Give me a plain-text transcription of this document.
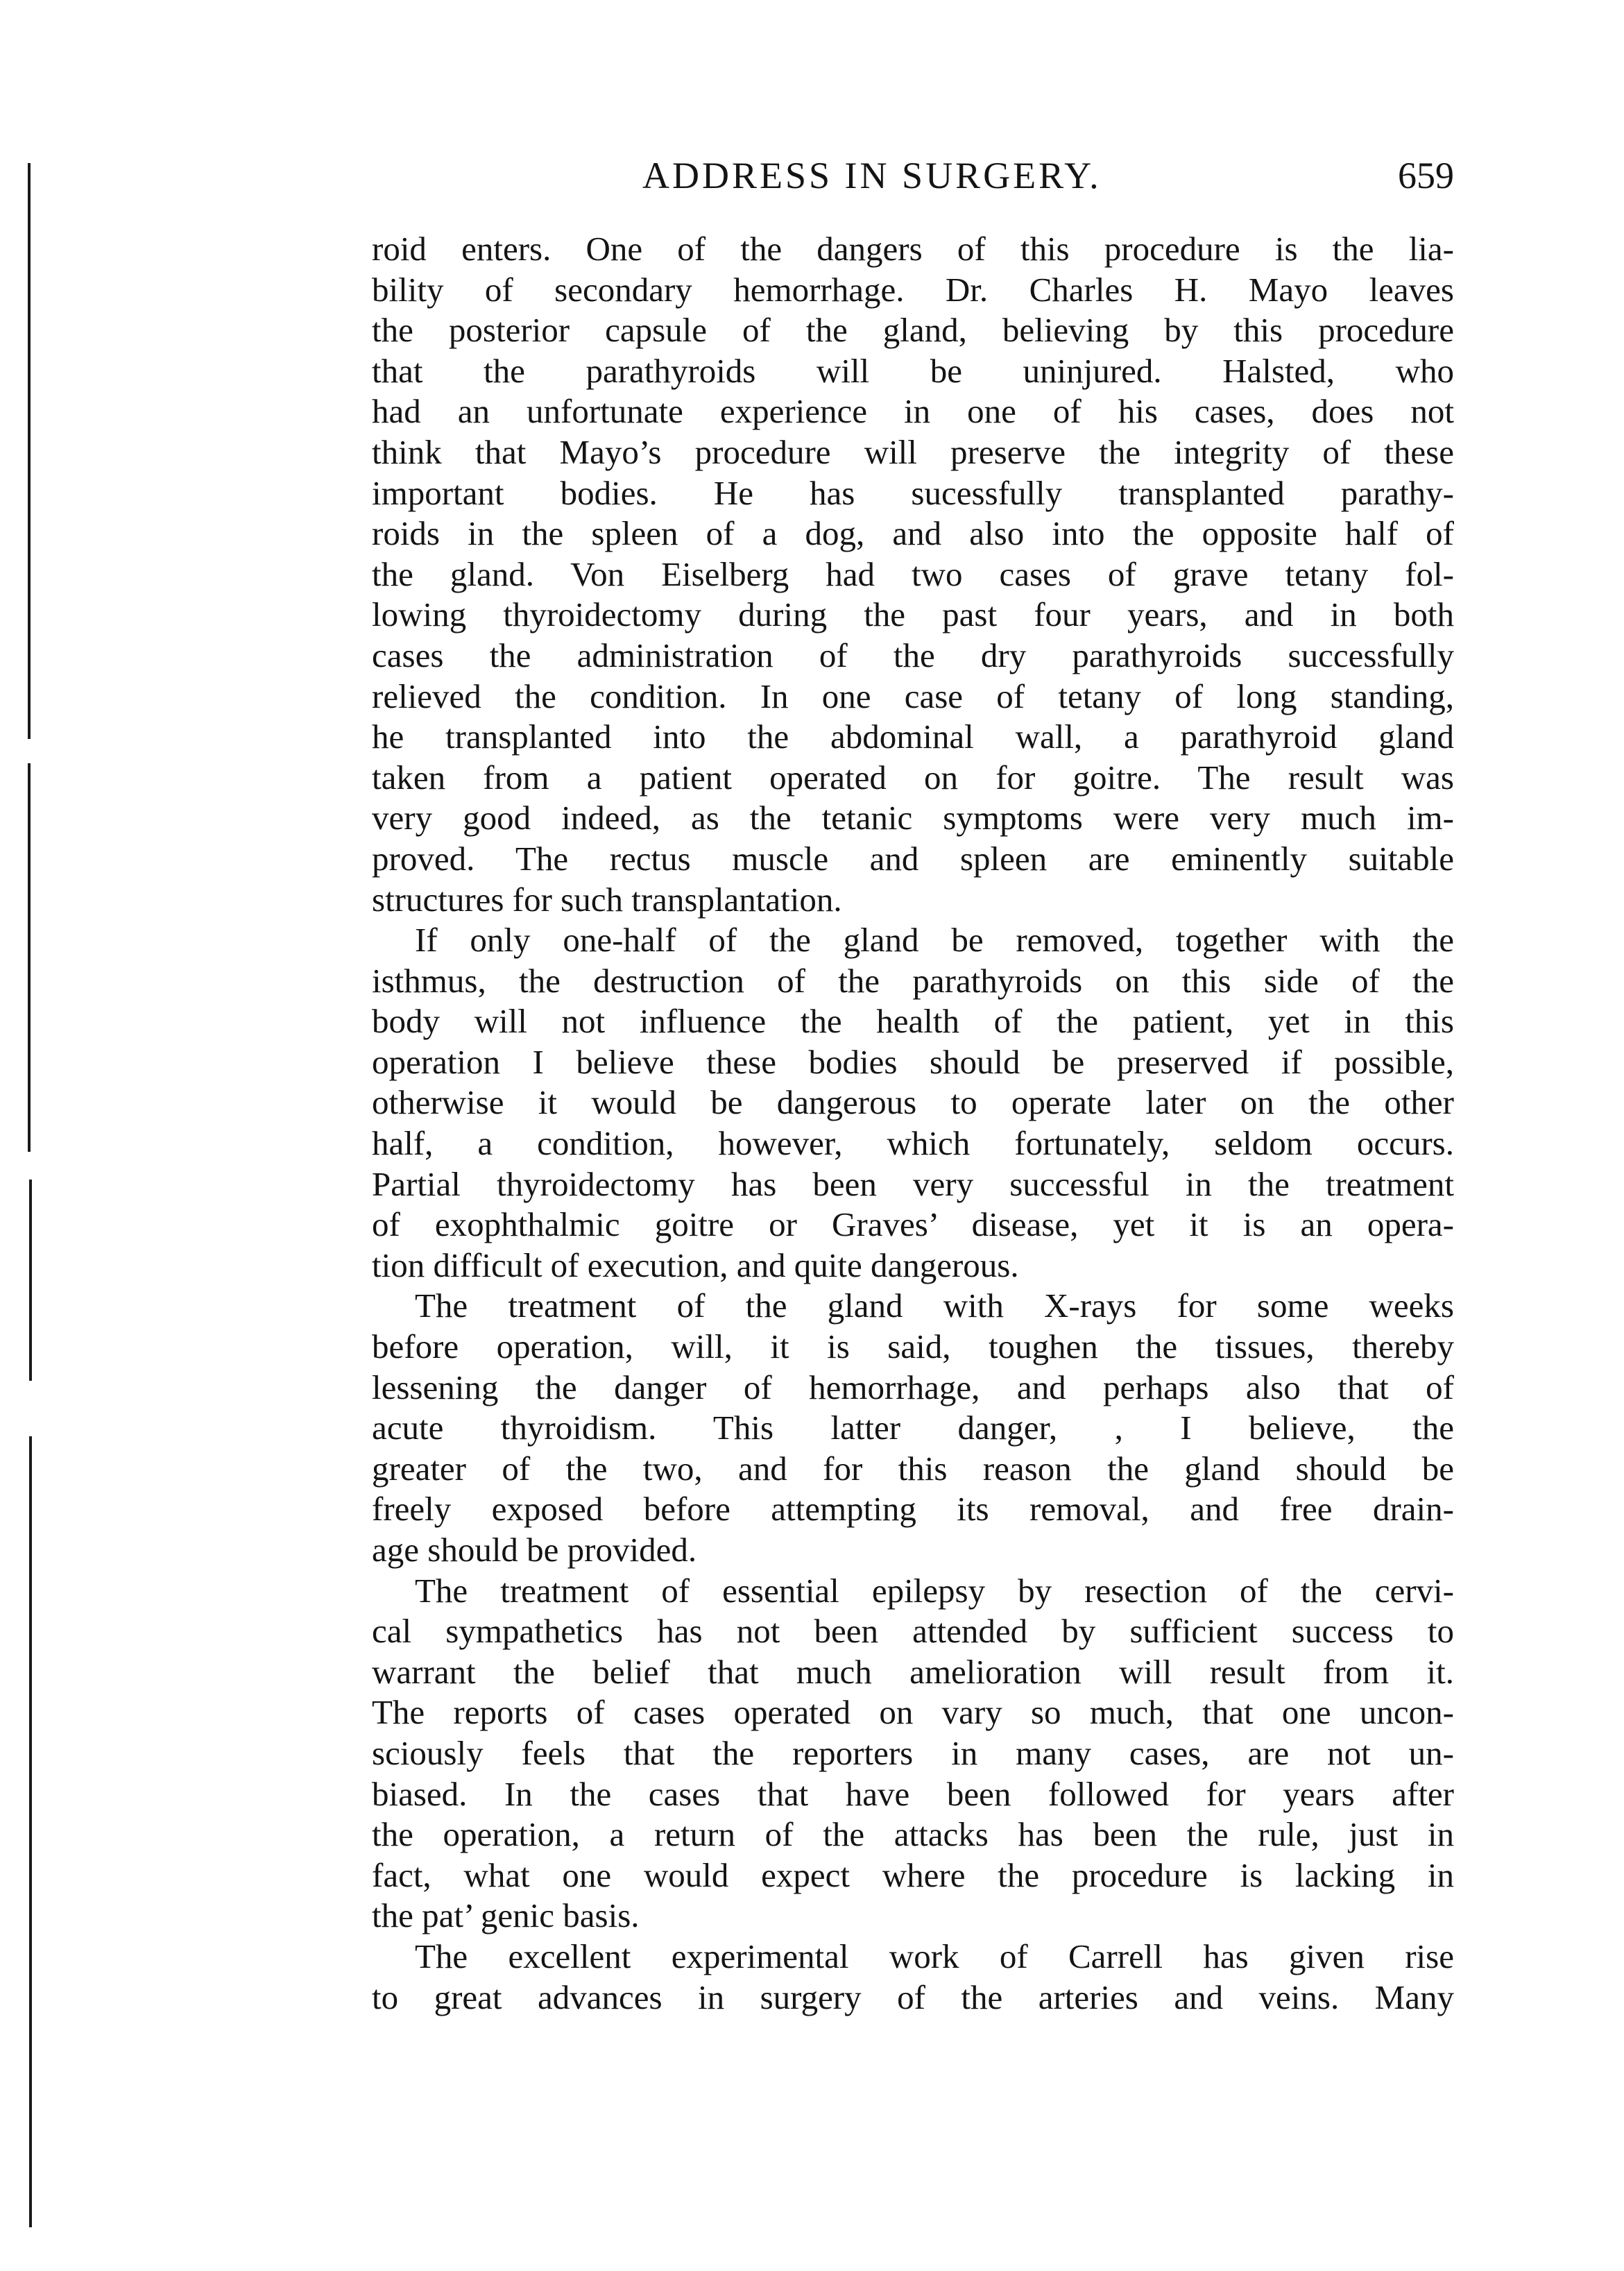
ADDRESS IN SURGERY.	659
roid enters. One of the dangers of this procedure is the lia-
bility of secondary hemorrhage. Dr. Charles H. Mayo leaves
the posterior capsule of the gland, believing by this procedure
that the parathyroids will be uninjured. Halsted, who
had an unfortunate experience in one of his cases, does not
think that Mayo’s procedure will preserve the integrity of these
important bodies. He has sucessfully transplanted parathy-
roids in the spleen of a dog, and also into the opposite half of
the gland. Von Eiselberg had two cases of grave tetany fol-
lowing thyroidectomy during the past four years, and in both
cases the administration of the dry parathyroids successfully
relieved the condition. In one case of tetany of long standing,
he transplanted into the abdominal wall, a parathyroid gland
taken from a patient operated on for goitre. The result was
very good indeed, as the tetanic symptoms were very much im-
proved. The rectus muscle and spleen are eminently suitable
structures for such transplantation.
If only one-half of the gland be removed, together with the
isthmus, the destruction of the parathyroids on this side of the
body will not influence the health of the patient, yet in this
operation I believe these bodies should be preserved if possible,
otherwise it would be dangerous to operate later on the other
half, a condition, however, which fortunately, seldom occurs.
Partial thyroidectomy has been very successful in the treatment
of exophthalmic goitre or Graves’ disease, yet it is an opera-
tion difficult of execution, and quite dangerous.
The treatment of the gland with X-rays for some weeks
before operation, will, it is said, toughen the tissues, thereby
lessening the danger of hemorrhage, and perhaps also that of
acute thyroidism. This latter danger, , I believe, the
greater of the two, and for this reason the gland should be
freely exposed before attempting its removal, and free drain-
age should be provided.
The treatment of essential epilepsy by resection of the cervi-
cal sympathetics has not been attended by sufficient success to
warrant the belief that much amelioration will result from it.
The reports of cases operated on vary so much, that one uncon-
sciously feels that the reporters in many cases, are not un-
biased. In the cases that have been followed for years after
the operation, a return of the attacks has been the rule, just in
fact, what one would expect where the procedure is lacking in
the pat’ genic basis.
The excellent experimental work of Carrell has given rise
to great advances in surgery of the arteries and veins. Many
